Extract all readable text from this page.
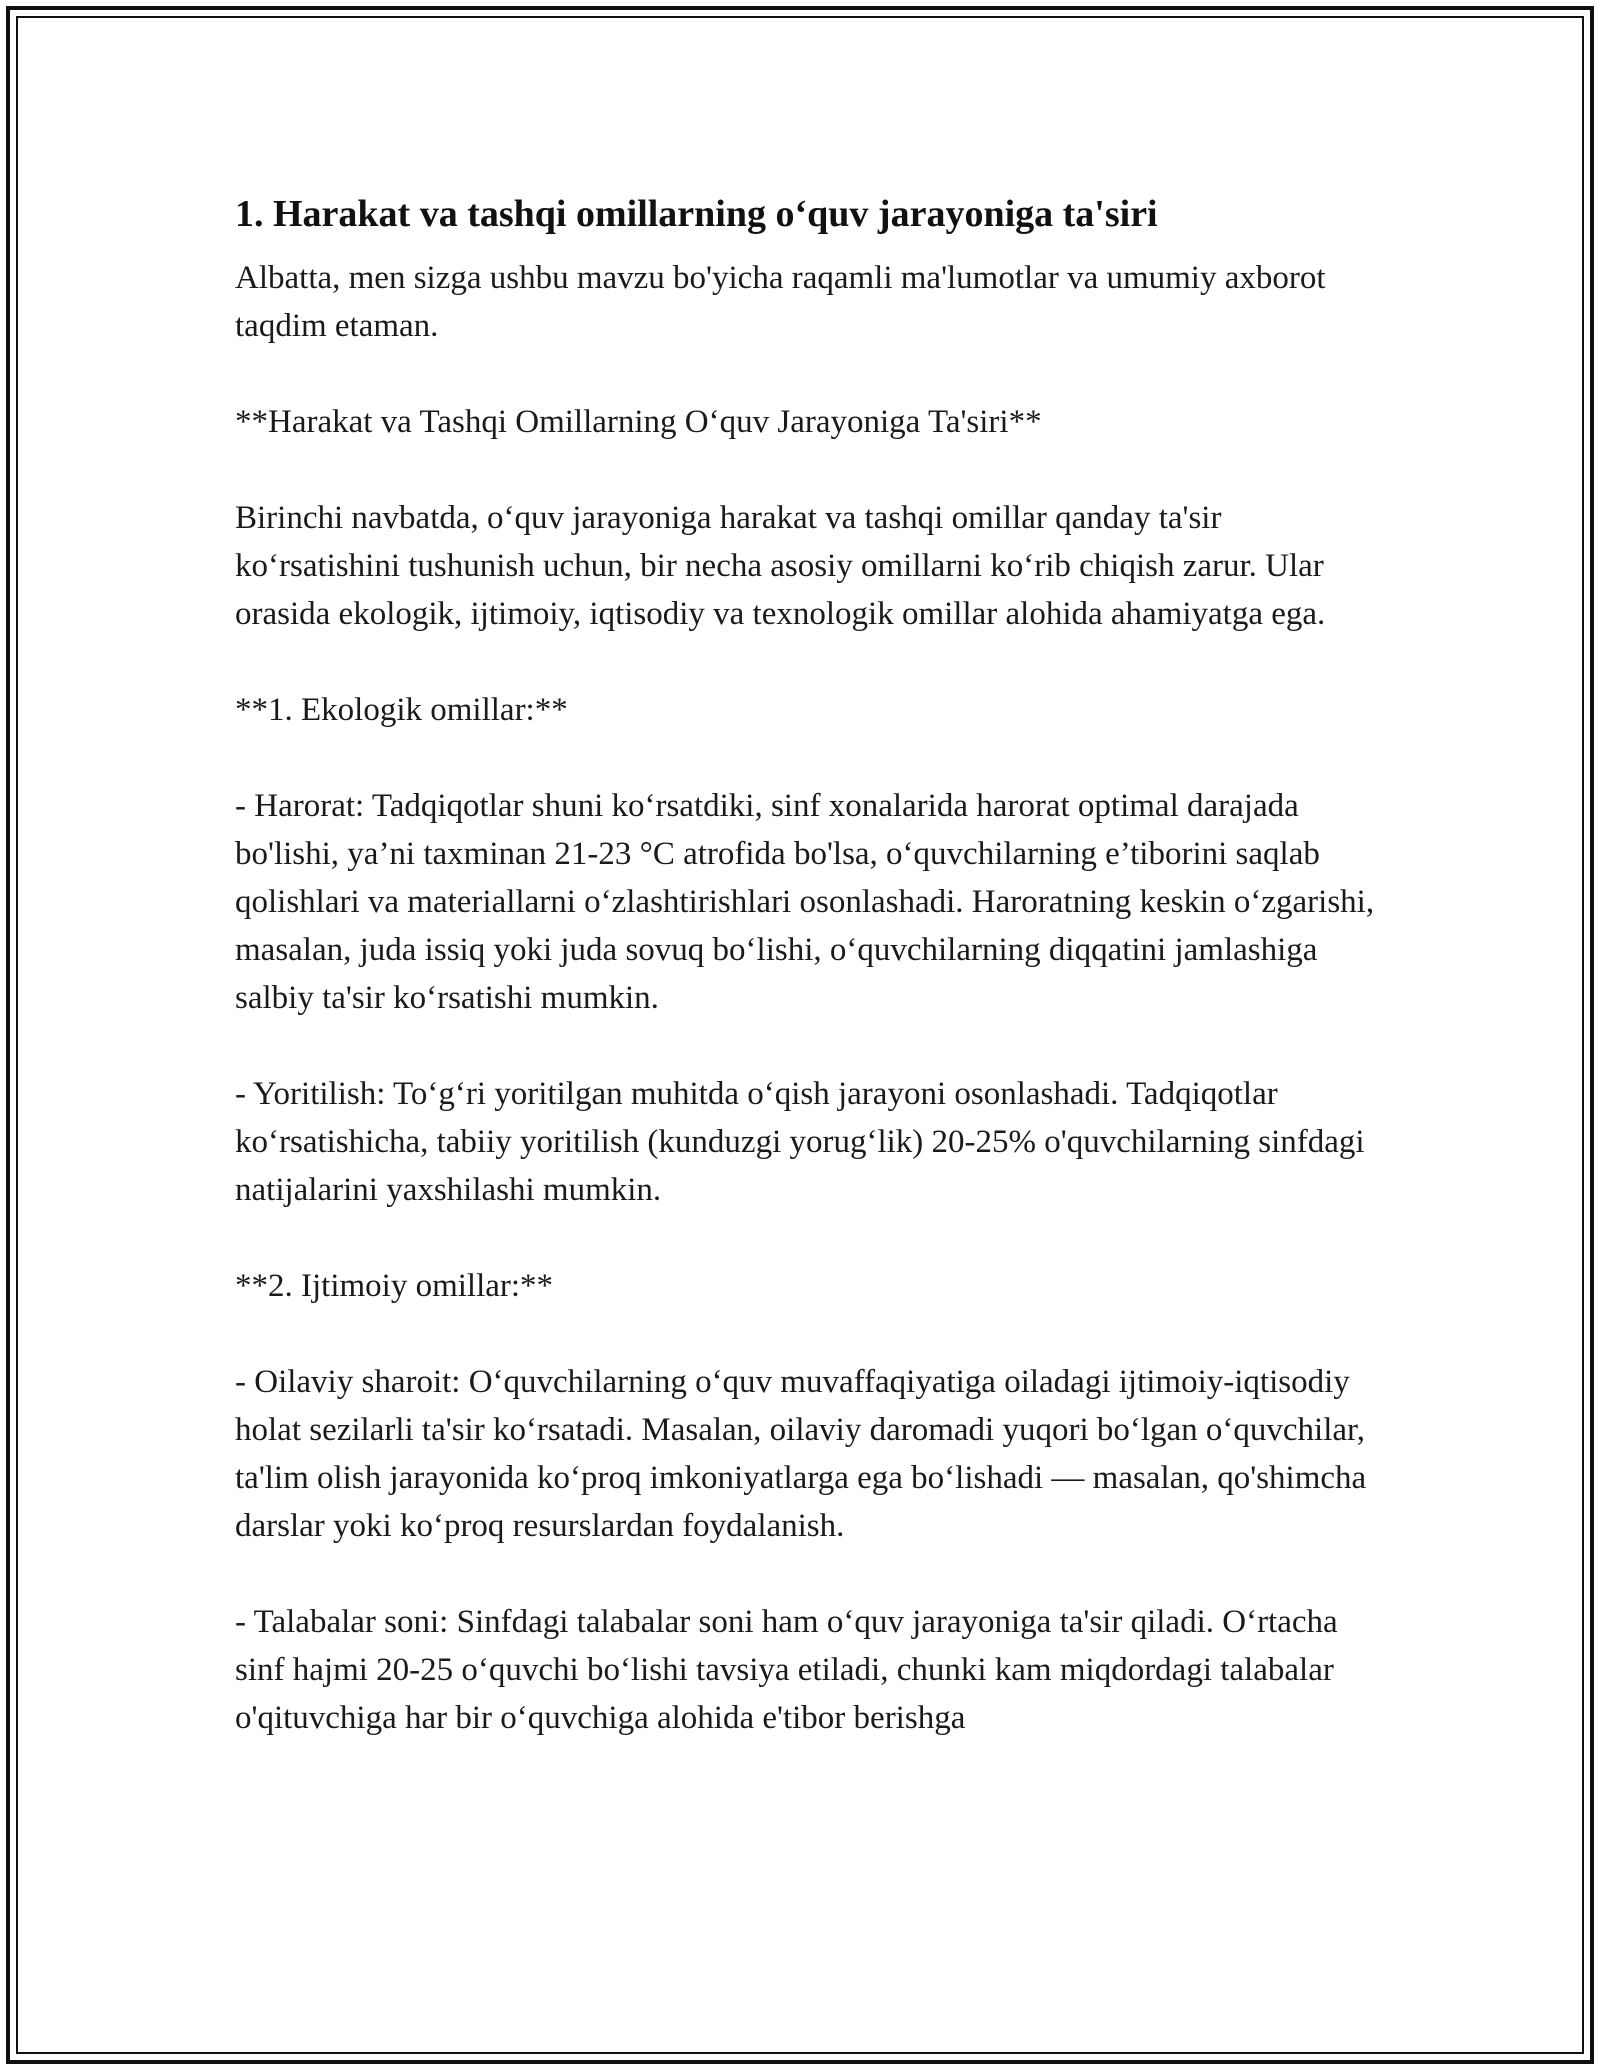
1. Harakat va tashqi omillarning o‘quv jarayoniga ta'siri

Albatta, men sizga ushbu mavzu bo'yicha raqamli ma'lumotlar va umumiy axborot taqdim etaman.

**Harakat va Tashqi Omillarning O‘quv Jarayoniga Ta'siri**

Birinchi navbatda, o‘quv jarayoniga harakat va tashqi omillar qanday ta'sir ko‘rsatishini tushunish uchun, bir necha asosiy omillarni ko‘rib chiqish zarur. Ular orasida ekologik, ijtimoiy, iqtisodiy va texnologik omillar alohida ahamiyatga ega.

**1. Ekologik omillar:**

- Harorat: Tadqiqotlar shuni ko‘rsatdiki, sinf xonalarida harorat optimal darajada bo'lishi, ya’ni taxminan 21-23 °C atrofida bo'lsa, o‘quvchilarning e’tiborini saqlab qolishlari va materiallarni o‘zlashtirishlari osonlashadi. Haroratning keskin o‘zgarishi, masalan, juda issiq yoki juda sovuq bo‘lishi, o‘quvchilarning diqqatini jamlashiga salbiy ta'sir ko‘rsatishi mumkin.

- Yoritilish: To‘g‘ri yoritilgan muhitda o‘qish jarayoni osonlashadi. Tadqiqotlar ko‘rsatishicha, tabiiy yoritilish (kunduzgi yorug‘lik) 20-25% o'quvchilarning sinfdagi natijalarini yaxshilashi mumkin.

**2. Ijtimoiy omillar:**

- Oilaviy sharoit: O‘quvchilarning o‘quv muvaffaqiyatiga oiladagi ijtimoiy-iqtisodiy holat sezilarli ta'sir ko‘rsatadi. Masalan, oilaviy daromadi yuqori bo‘lgan o‘quvchilar, ta'lim olish jarayonida ko‘proq imkoniyatlarga ega bo‘lishadi — masalan, qo'shimcha darslar yoki ko‘proq resurslardan foydalanish.

- Talabalar soni: Sinfdagi talabalar soni ham o‘quv jarayoniga ta'sir qiladi. O‘rtacha sinf hajmi 20-25 o‘quvchi bo‘lishi tavsiya etiladi, chunki kam miqdordagi talabalar o'qituvchiga har bir o‘quvchiga alohida e'tibor berishga
